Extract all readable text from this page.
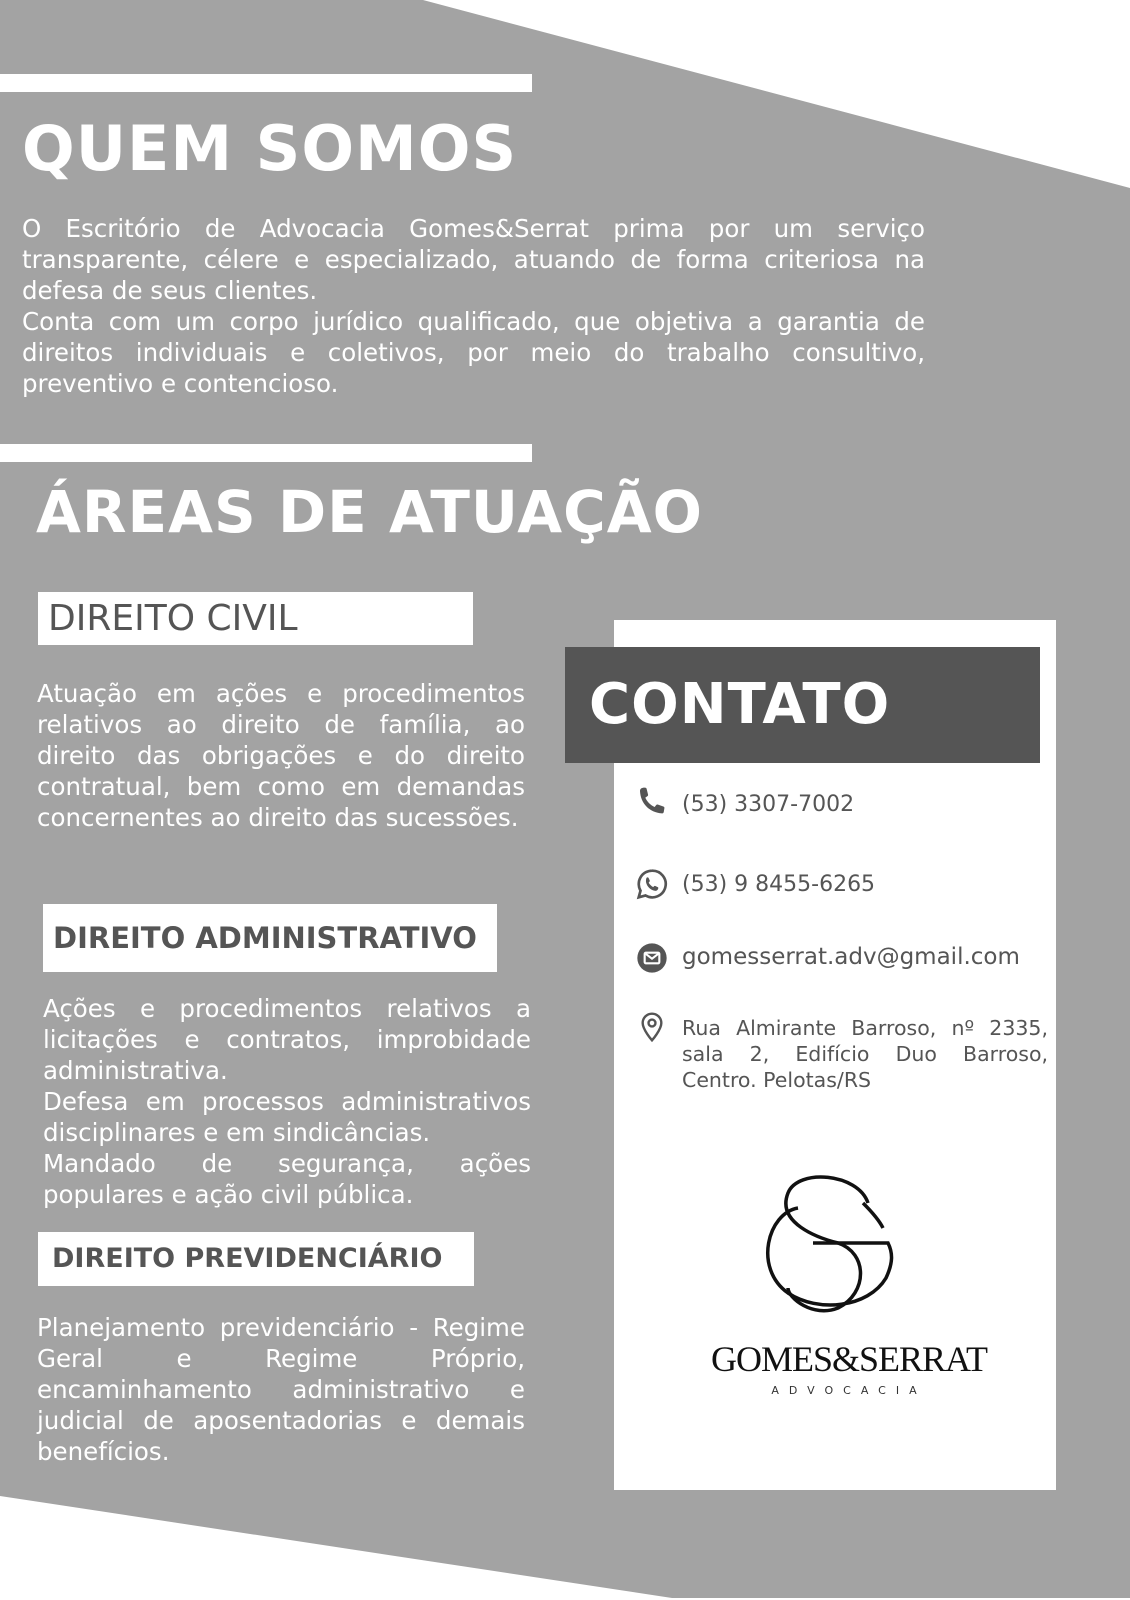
QUEM SOMOS
O Escritório de Advocacia Gomes&Serrat prima por um serviço transparente, célere e especializado, atuando de forma criteriosa na defesa de seus clientes.
Conta com um corpo jurídico qualificado, que objetiva a garantia de direitos individuais e coletivos, por meio do trabalho consultivo, preventivo e contencioso.
ÁREAS DE ATUAÇÃO
DIREITO CIVIL
Atuação em ações e procedimentos relativos ao direito de família, ao direito das obrigações e do direito contratual, bem como em demandas concernentes ao direito das sucessões.
DIREITO ADMINISTRATIVO
Ações e procedimentos relativos a licitações e contratos, improbidade administrativa.
Defesa em processos administrativos disciplinares e em sindicâncias.
Mandado de segurança, ações populares e ação civil pública.
DIREITO PREVIDENCIÁRIO
Planejamento previdenciário - Regime Geral e Regime Próprio, encaminhamento administrativo e judicial de aposentadorias e demais benefícios.
CONTATO
(53) 3307-7002
(53) 9 8455-6265
gomesserrat.adv@gmail.com
Rua Almirante Barroso, nº 2335, sala 2, Edifício Duo Barroso, Centro. Pelotas/RS
GOMES&SERRAT
ADVOCACIA
